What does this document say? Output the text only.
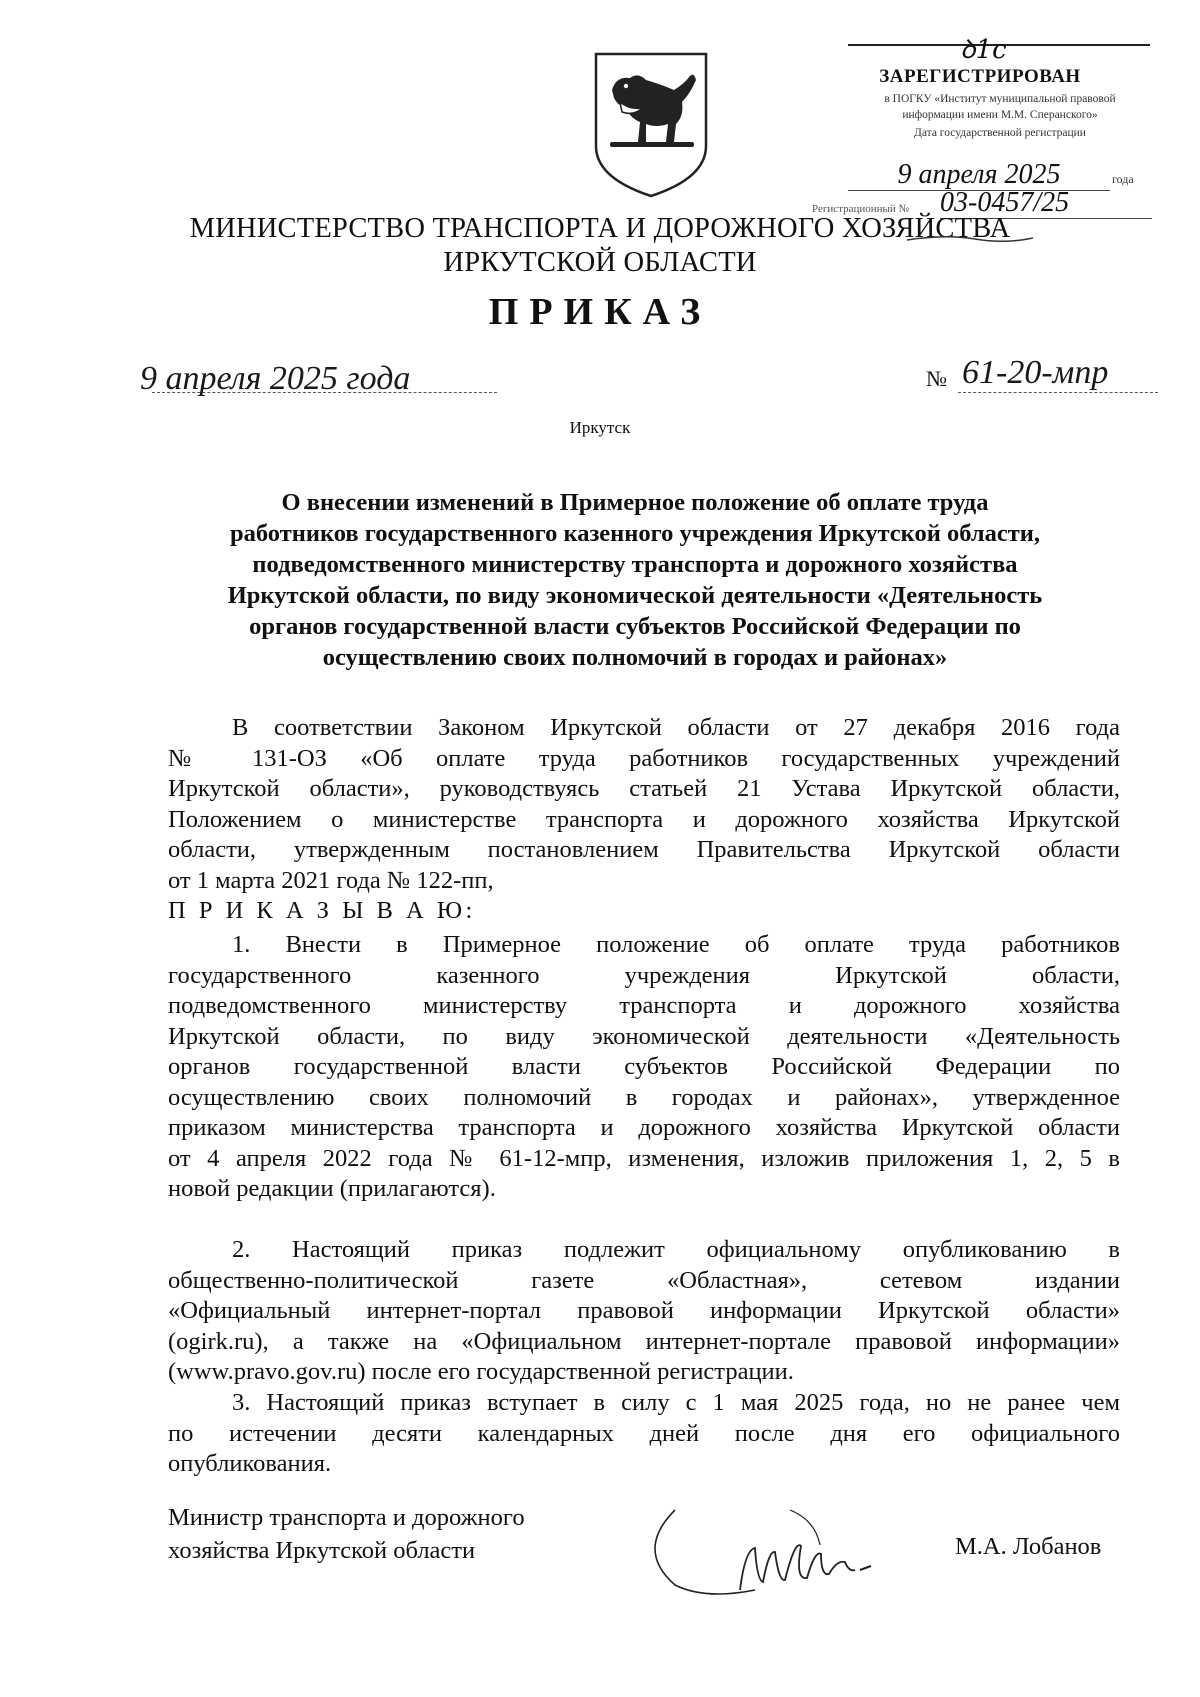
ꝺ1c
ЗАРЕГИСТРИРОВАН
в ПОГКУ «Институт муниципальной правовой
информации имени М.М. Сперанского»
Дата государственной регистрации
9 апреля 2025	года
Регистрационный № 03-0457/25
МИНИСТЕРСТВО ТРАНСПОРТА И ДОРОЖНОГО ХОЗЯЙСТВА
ИРКУТСКОЙ ОБЛАСТИ
ПРИКАЗ
9 апреля 2025 года	№ 61-20-мпр
Иркутск
О внесении изменений в Примерное положение об оплате труда
работников государственного казенного учреждения Иркутской области,
подведомственного министерству транспорта и дорожного хозяйства
Иркутской области, по виду экономической деятельности «Деятельность
органов государственной власти субъектов Российской Федерации по
осуществлению своих полномочий в городах и районах»
В соответствии Законом Иркутской области от 27 декабря 2016 года
№ 131-ОЗ «Об оплате труда работников государственных учреждений
Иркутской области», руководствуясь статьей 21 Устава Иркутской области,
Положением о министерстве транспорта и дорожного хозяйства Иркутской
области, утвержденным постановлением Правительства Иркутской области
от 1 марта 2021 года № 122-пп,
П Р И К А З Ы В А Ю:
1. Внести в Примерное положение об оплате труда работников
государственного казенного учреждения Иркутской области,
подведомственного министерству транспорта и дорожного хозяйства
Иркутской области, по виду экономической деятельности «Деятельность
органов государственной власти субъектов Российской Федерации по
осуществлению своих полномочий в городах и районах», утвержденное
приказом министерства транспорта и дорожного хозяйства Иркутской области
от 4 апреля 2022 года № 61-12-мпр, изменения, изложив приложения 1, 2, 5 в
новой редакции (прилагаются).
2. Настоящий приказ подлежит официальному опубликованию в
общественно-политической газете «Областная», сетевом издании
«Официальный интернет-портал правовой информации Иркутской области»
(ogirk.ru), а также на «Официальном интернет-портале правовой информации»
(www.pravo.gov.ru) после его государственной регистрации.
3. Настоящий приказ вступает в силу с 1 мая 2025 года, но не ранее чем
по истечении десяти календарных дней после дня его официального
опубликования.
Министр транспорта и дорожного
хозяйства Иркутской области	М.А. Лобанов
